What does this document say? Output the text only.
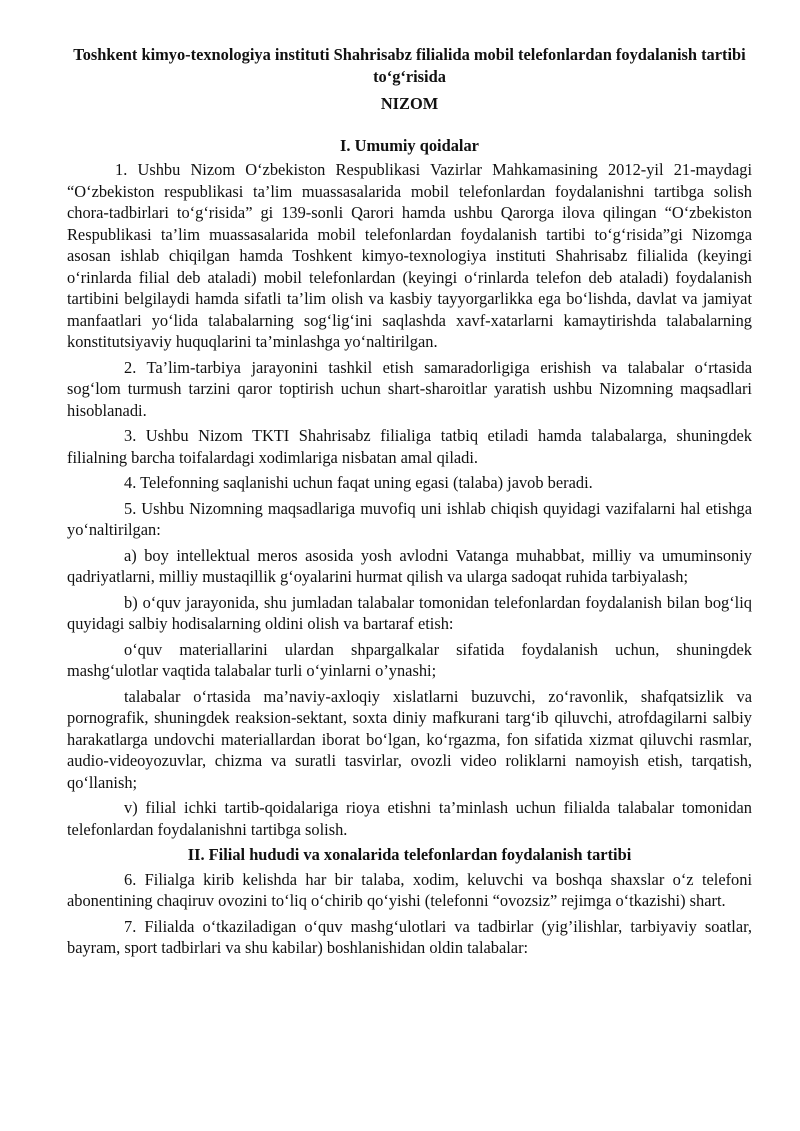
Toshkent kimyo-texnologiya instituti Shahrisabz filialida mobil telefonlardan foydalanish tartibi to‘g‘risida

NIZOM

I. Umumiy qoidalar

1. Ushbu Nizom O‘zbekiston Respublikasi Vazirlar Mahkamasining 2012-yil 21-maydagi “O‘zbekiston respublikasi ta’lim muassasalarida mobil telefonlardan foydalanishni tartibga solish chora-tadbirlari to‘g‘risida” gi 139-sonli Qarori hamda ushbu Qarorga ilova qilingan “O‘zbekiston Respublikasi ta’lim muassasalarida mobil telefonlardan foydalanish tartibi to‘g‘risida”gi Nizomga asosan ishlab chiqilgan hamda Toshkent kimyo-texnologiya instituti Shahrisabz filialida (keyingi o‘rinlarda filial deb ataladi) mobil telefonlardan (keyingi o‘rinlarda telefon deb ataladi) foydalanish tartibini belgilaydi hamda sifatli ta’lim olish va kasbiy tayyorgarlikka ega bo‘lishda, davlat va jamiyat manfaatlari yo‘lida talabalarning sog‘lig‘ini saqlashda xavf-xatarlarni kamaytirishda talabalarning konstitutsiyaviy huquqlarini ta’minlashga yo‘naltirilgan.

2. Ta’lim-tarbiya jarayonini tashkil etish samaradorligiga erishish va talabalar o‘rtasida sog‘lom turmush tarzini qaror toptirish uchun shart-sharoitlar yaratish ushbu Nizomning maqsadlari hisoblanadi.

3. Ushbu Nizom TKTI Shahrisabz filialiga tatbiq etiladi hamda talabalarga, shuningdek filialning barcha toifalardagi xodimlariga nisbatan amal qiladi.

4. Telefonning saqlanishi uchun faqat uning egasi (talaba) javob beradi.

5. Ushbu Nizomning maqsadlariga muvofiq uni ishlab chiqish quyidagi vazifalarni hal etishga yo‘naltirilgan:

a) boy intellektual meros asosida yosh avlodni Vatanga muhabbat, milliy va umuminsoniy qadriyatlarni, milliy mustaqillik g‘oyalarini hurmat qilish va ularga sadoqat ruhida tarbiyalash;

b) o‘quv jarayonida, shu jumladan talabalar tomonidan telefonlardan foydalanish bilan bog‘liq quyidagi salbiy hodisalarning oldini olish va bartaraf etish:

o‘quv materiallarini ulardan shpargalkalar sifatida foydalanish uchun, shuningdek mashg‘ulotlar vaqtida talabalar turli o‘yinlarni o’ynashi;

talabalar o‘rtasida ma’naviy-axloqiy xislatlarni buzuvchi, zo‘ravonlik, shafqatsizlik va pornografik, shuningdek reaksion-sektant, soxta diniy mafkurani targ‘ib qiluvchi, atrofdagilarni salbiy harakatlarga undovchi materiallardan iborat bo‘lgan, ko‘rgazma, fon sifatida xizmat qiluvchi rasmlar, audio-videoyozuvlar, chizma va suratli tasvirlar, ovozli video roliklarni namoyish etish, tarqatish, qo‘llanish;

v) filial ichki tartib-qoidalariga rioya etishni ta’minlash uchun filialda talabalar tomonidan telefonlardan foydalanishni tartibga solish.

II. Filial hududi va xonalarida telefonlardan foydalanish tartibi

6. Filialga kirib kelishda har bir talaba, xodim, keluvchi va boshqa shaxslar o‘z telefoni abonentining chaqiruv ovozini to‘liq o‘chirib qo‘yishi (telefonni “ovozsiz” rejimga o‘tkazishi) shart.

7. Filialda o‘tkaziladigan o‘quv mashg‘ulotlari va tadbirlar (yig’ilishlar, tarbiyaviy soatlar, bayram, sport tadbirlari va shu kabilar) boshlanishidan oldin talabalar:
